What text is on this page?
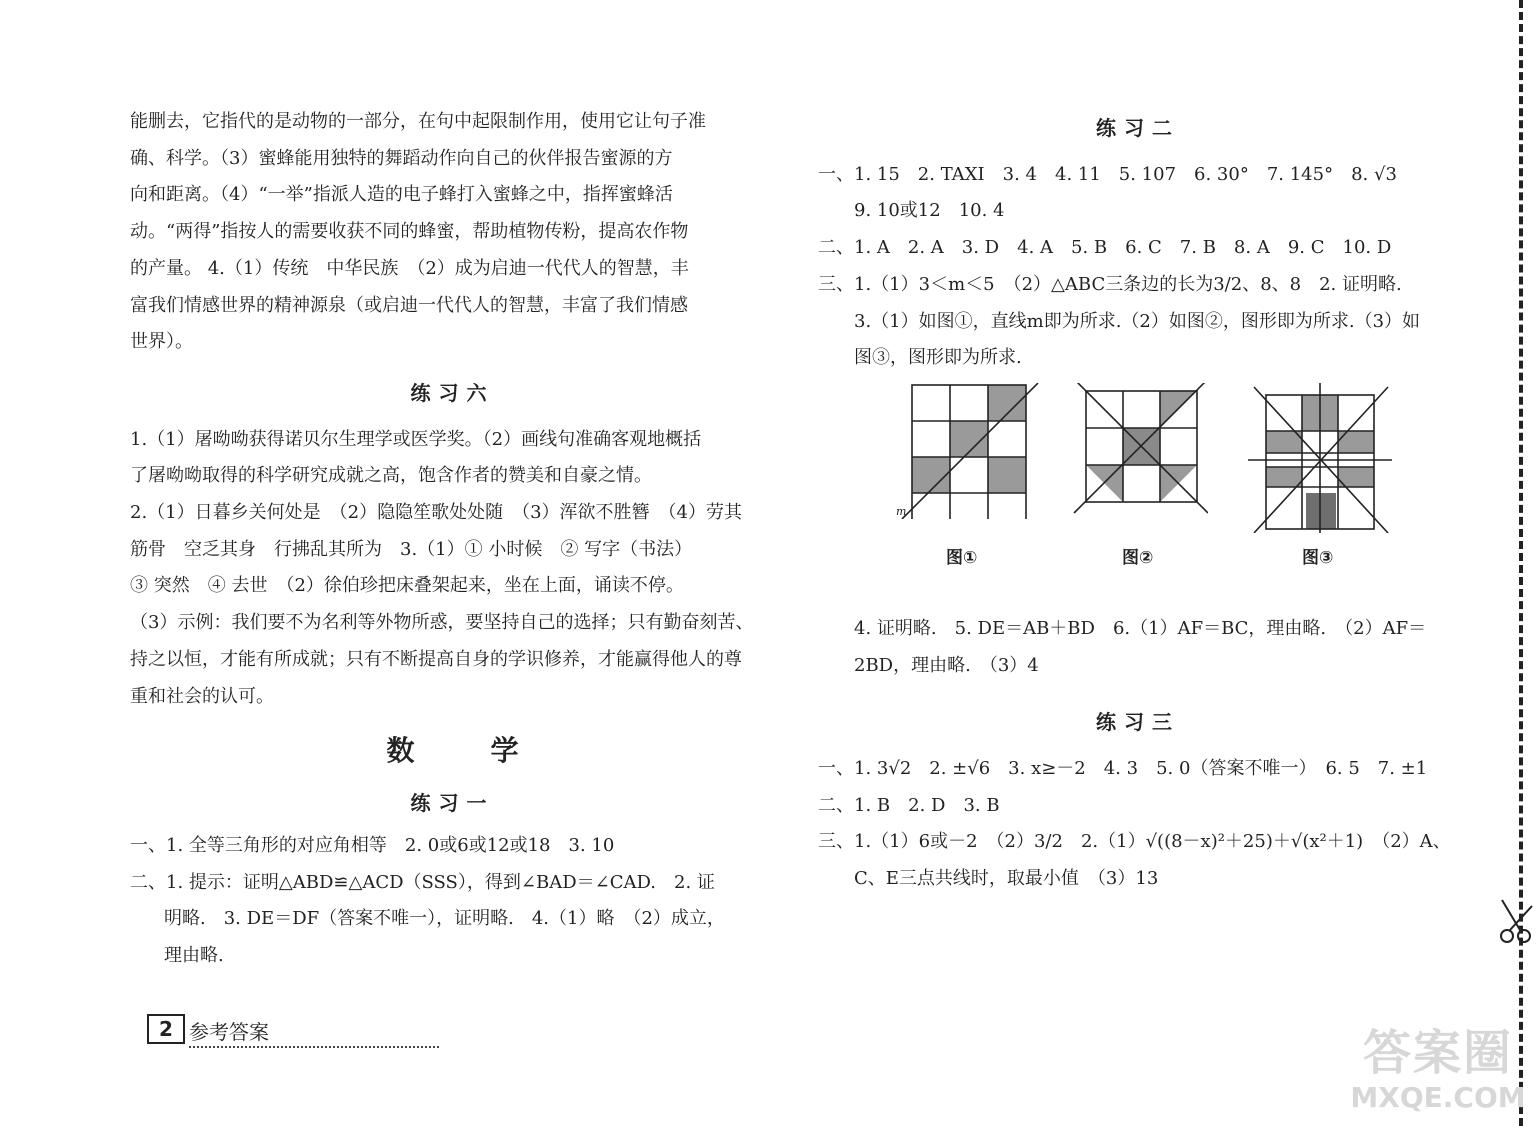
能删去，它指代的是动物的一部分，在句中起限制作用，使用它让句子准
确、科学。（3）蜜蜂能用独特的舞蹈动作向自己的伙伴报告蜜源的方
向和距离。（4）“一举”指派人造的电子蜂打入蜜蜂之中，指挥蜜蜂活
动。“两得”指按人的需要收获不同的蜂蜜，帮助植物传粉，提高农作物
的产量。 4.（1）传统　中华民族　（2）成为启迪一代代人的智慧，丰
富我们情感世界的精神源泉（或启迪一代代人的智慧，丰富了我们情感
世界）。
练习六
1.（1）屠呦呦获得诺贝尔生理学或医学奖。（2）画线句准确客观地概括
了屠呦呦取得的科学研究成就之高，饱含作者的赞美和自豪之情。
2.（1）日暮乡关何处是　（2）隐隐笙歌处处随　（3）浑欲不胜簪　（4）劳其
筋骨　空乏其身　行拂乱其所为　3.（1）① 小时候　② 写字（书法）
③ 突然　④ 去世　（2）徐伯珍把床叠架起来，坐在上面，诵读不停。
（3）示例：我们要不为名利等外物所惑，要坚持自己的选择；只有勤奋刻苦、
持之以恒，才能有所成就；只有不断提高自身的学识修养，才能赢得他人的尊
重和社会的认可。
数	学
练习一
一、1. 全等三角形的对应角相等　2. 0或6或12或18　3. 10
二、1. 提示：证明△ABD≌△ACD（SSS），得到∠BAD＝∠CAD.　2. 证
明略.　3. DE＝DF（答案不唯一），证明略.　4.（1）略　（2）成立，
理由略.
练习二
一、1. 15　2. TAXI　3. 4　4. 11　5. 107　6. 30°　7. 145°　8. √3
　　9. 10或12　10. 4
二、1. A　2. A　3. D　4. A　5. B　6. C　7. B　8. A　9. C　10. D
三、1.（1）3＜m＜5　（2）△ABC三条边的长为3/2、8、8　2. 证明略.
　　3.（1）如图①，直线m即为所求.（2）如图②，图形即为所求.（3）如
　　图③，图形即为所求.
m
图①	图②	图③
　　4. 证明略.　5. DE＝AB＋BD　6.（1）AF＝BC，理由略.　（2）AF＝
　　2BD，理由略.　（3）4
练习三
一、1. 3√2　2. ±√6　3. x≥－2　4. 3　5. 0（答案不唯一）　6. 5　7. ±1
二、1. B　2. D　3. B
三、1.（1）6或－2　（2）3/2　2.（1）√((8－x)²＋25)＋√(x²＋1)　（2）A、
　　C、E三点共线时，取最小值　（3）13
2 参考答案	答案圈
MXQE.COM
